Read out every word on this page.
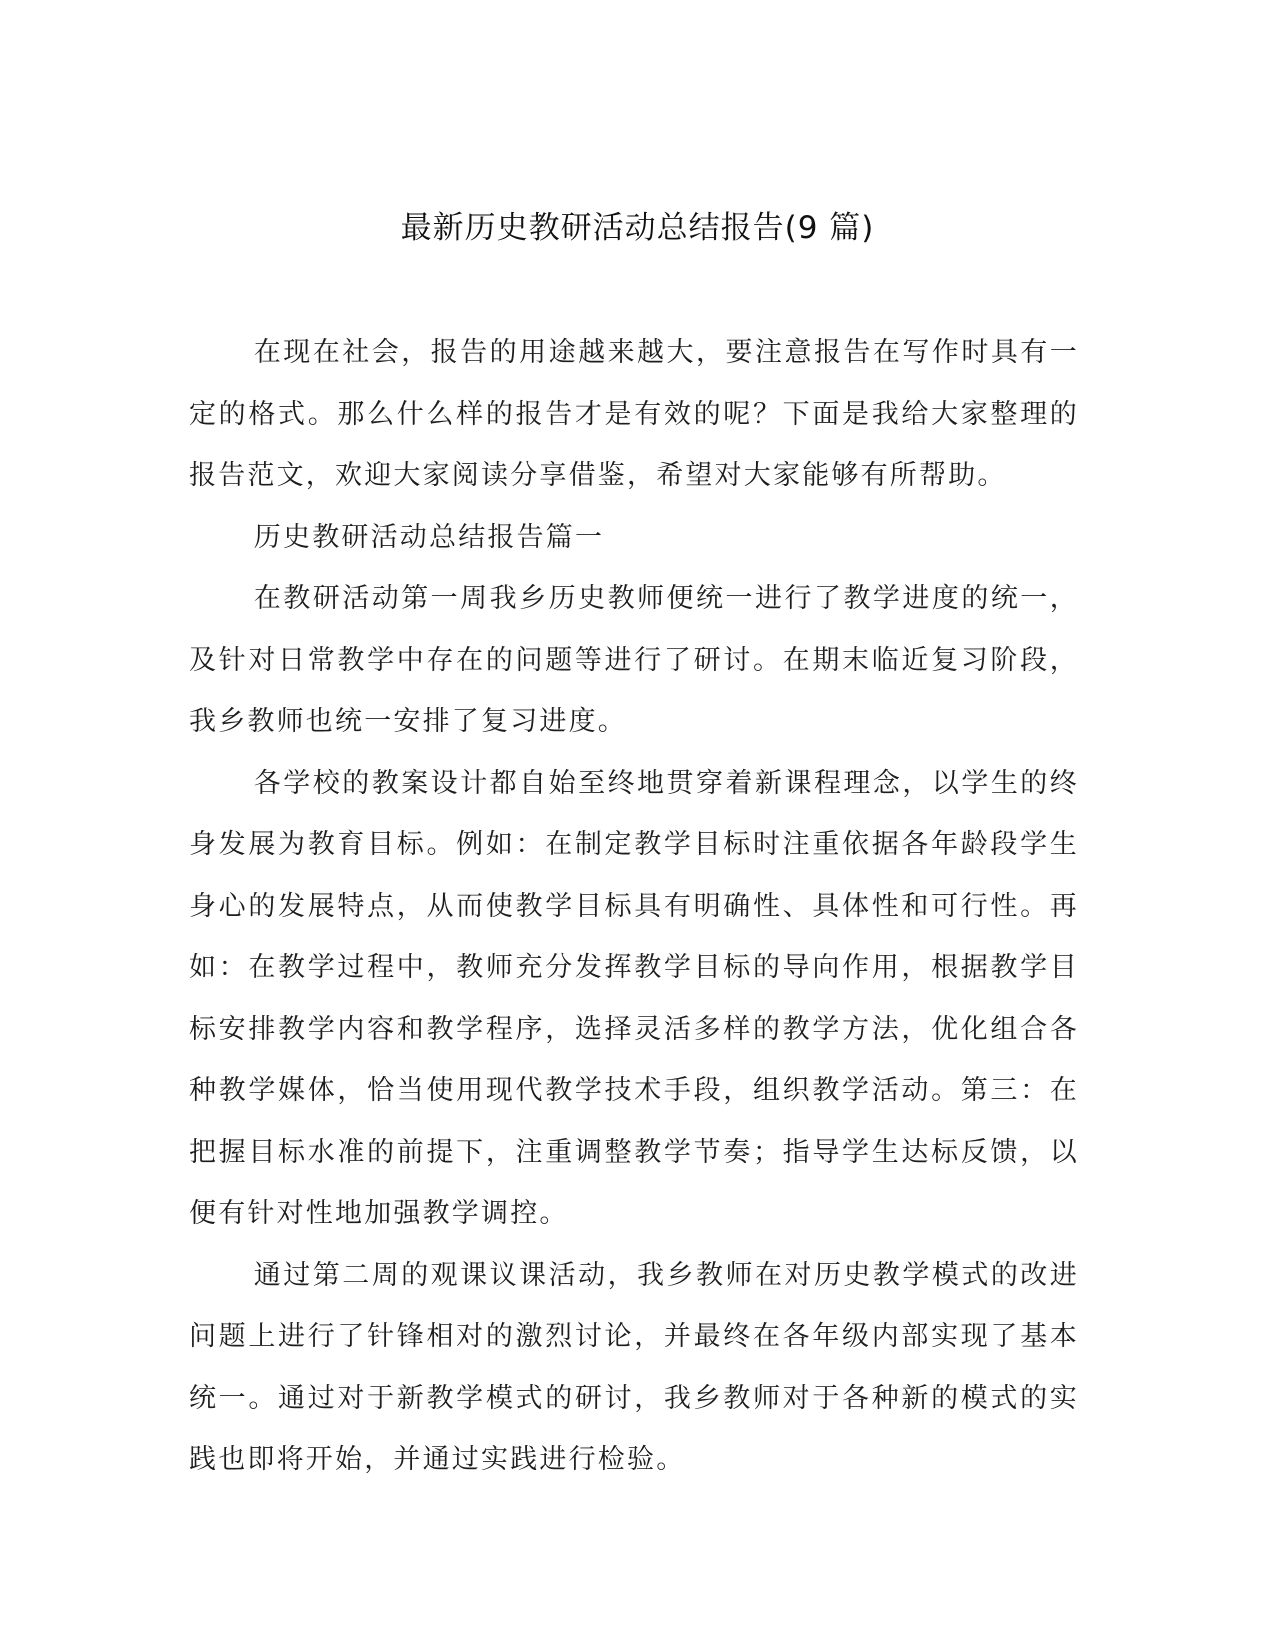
最新历史教研活动总结报告(9 篇)

在现在社会，报告的用途越来越大，要注意报告在写作时具有一定的格式。那么什么样的报告才是有效的呢？下面是我给大家整理的报告范文，欢迎大家阅读分享借鉴，希望对大家能够有所帮助。

历史教研活动总结报告篇一

在教研活动第一周我乡历史教师便统一进行了教学进度的统一，及针对日常教学中存在的问题等进行了研讨。在期末临近复习阶段，我乡教师也统一安排了复习进度。

各学校的教案设计都自始至终地贯穿着新课程理念，以学生的终身发展为教育目标。例如：在制定教学目标时注重依据各年龄段学生身心的发展特点，从而使教学目标具有明确性、具体性和可行性。再如：在教学过程中，教师充分发挥教学目标的导向作用，根据教学目标安排教学内容和教学程序，选择灵活多样的教学方法，优化组合各种教学媒体，恰当使用现代教学技术手段，组织教学活动。第三：在把握目标水准的前提下，注重调整教学节奏；指导学生达标反馈，以便有针对性地加强教学调控。

通过第二周的观课议课活动，我乡教师在对历史教学模式的改进问题上进行了针锋相对的激烈讨论，并最终在各年级内部实现了基本统一。通过对于新教学模式的研讨，我乡教师对于各种新的模式的实践也即将开始，并通过实践进行检验。
